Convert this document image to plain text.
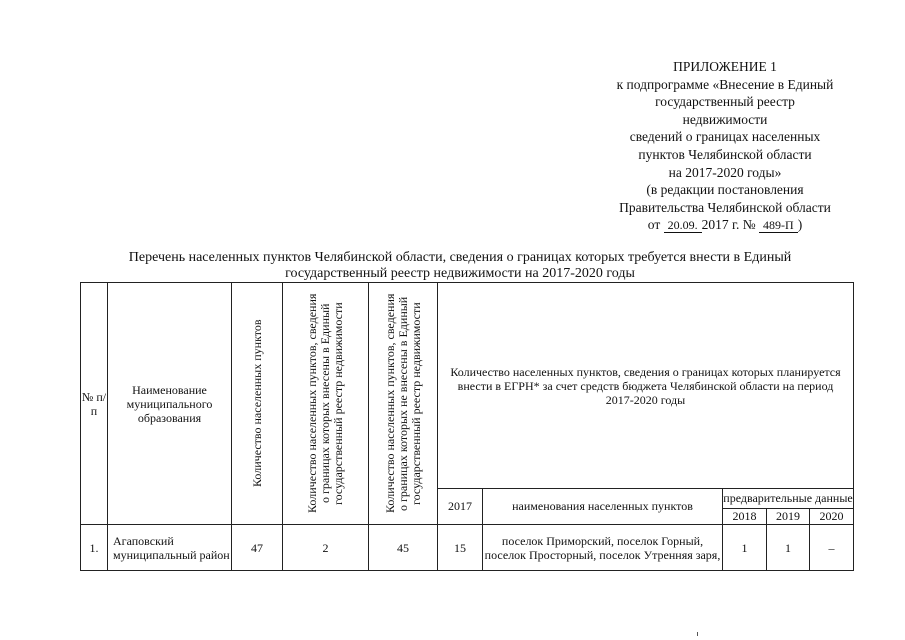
ПРИЛОЖЕНИЕ 1
к подпрограмме «Внесение в Единый
государственный реестр
недвижимости
сведений о границах населенных
пунктов Челябинской области
на 2017-2020 годы»
(в редакции постановления
Правительства Челябинской области
от 20.09. 2017 г. № 489-П )
Перечень населенных пунктов Челябинской области, сведения о границах которых требуется внести в Единый
государственный реестр недвижимости на 2017-2020 годы
№ п/п	Наименование муниципального образования	Количество населенных пунктов	Количество населенных пунктов, сведения о границах которых внесены в Единый государственный реестр недвижимости	Количество населенных пунктов, сведения о границах которых не внесены в Единый государственный реестр недвижимости	Количество населенных пунктов, сведения о границах которых планируется внести в ЕГРН* за счет средств бюджета Челябинской области на период 2017-2020 годы				
					2017	наименования населенных пунктов	предварительные данные		
							2018	2019	2020
1.	Агаповский муниципальный район	47	2	45	15	поселок Приморский, поселок Горный, поселок Просторный, поселок Утренняя заря,	1	1	–
